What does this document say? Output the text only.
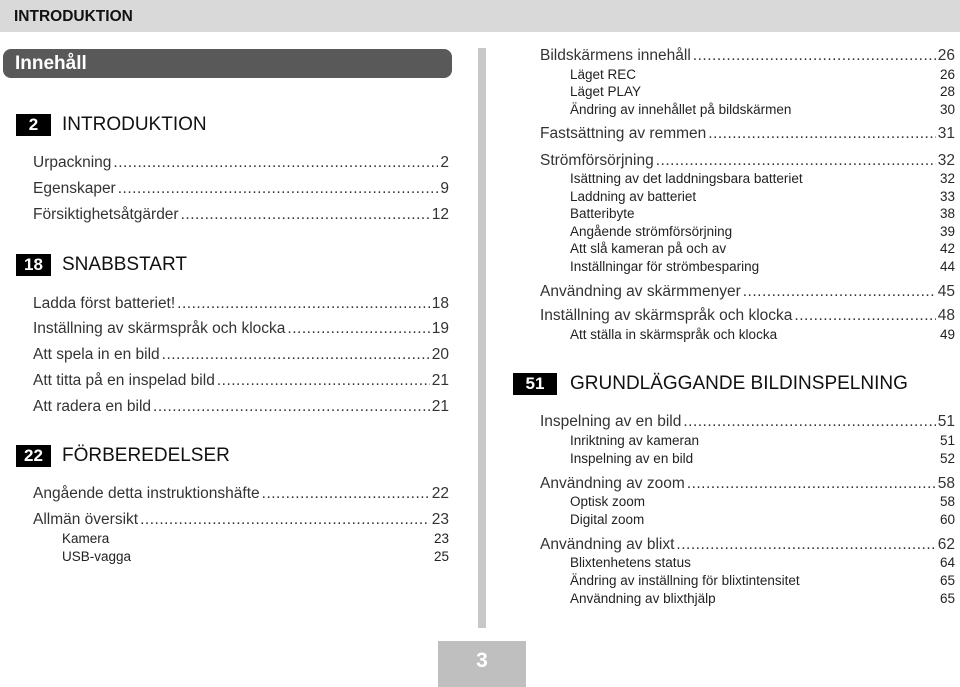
INTRODUKTION
Innehåll
2	INTRODUKTION
18	SNABBSTART
22	FÖRBEREDELSER
51	GRUNDLÄGGANDE BILDINSPELNING
Urpackning .....	2
Egenskaper .....	9
Försiktighetsåtgärder .....	12
Ladda först batteriet! .....	18
Inställning av skärmspråk och klocka .....	19
Att spela in en bild .....	20
Att titta på en inspelad bild .....	21
Att radera en bild .....	21
Angående detta instruktionshäfte .....	22
Allmän översikt .....	23
Kamera	23
USB-vagga	25
Bildskärmens innehåll .....	26
Läget REC	26
Läget PLAY	28
Ändring av innehållet på bildskärmen	30
Fastsättning av remmen .....	31
Strömförsörjning .....	32
Isättning av det laddningsbara batteriet	32
Laddning av batteriet	33
Batteribyte	38
Angående strömförsörjning	39
Att slå kameran på och av	42
Inställningar för strömbesparing	44
Användning av skärmmenyer .....	45
Inställning av skärmspråk och klocka .....	48
Att ställa in skärmspråk och klocka	49
Inspelning av en bild .....	51
Inriktning av kameran	51
Inspelning av en bild	52
Användning av zoom .....	58
Optisk zoom	58
Digital zoom	60
Användning av blixt .....	62
Blixtenhetens status	64
Ändring av inställning för blixtintensitet	65
Användning av blixthjälp	65
3
